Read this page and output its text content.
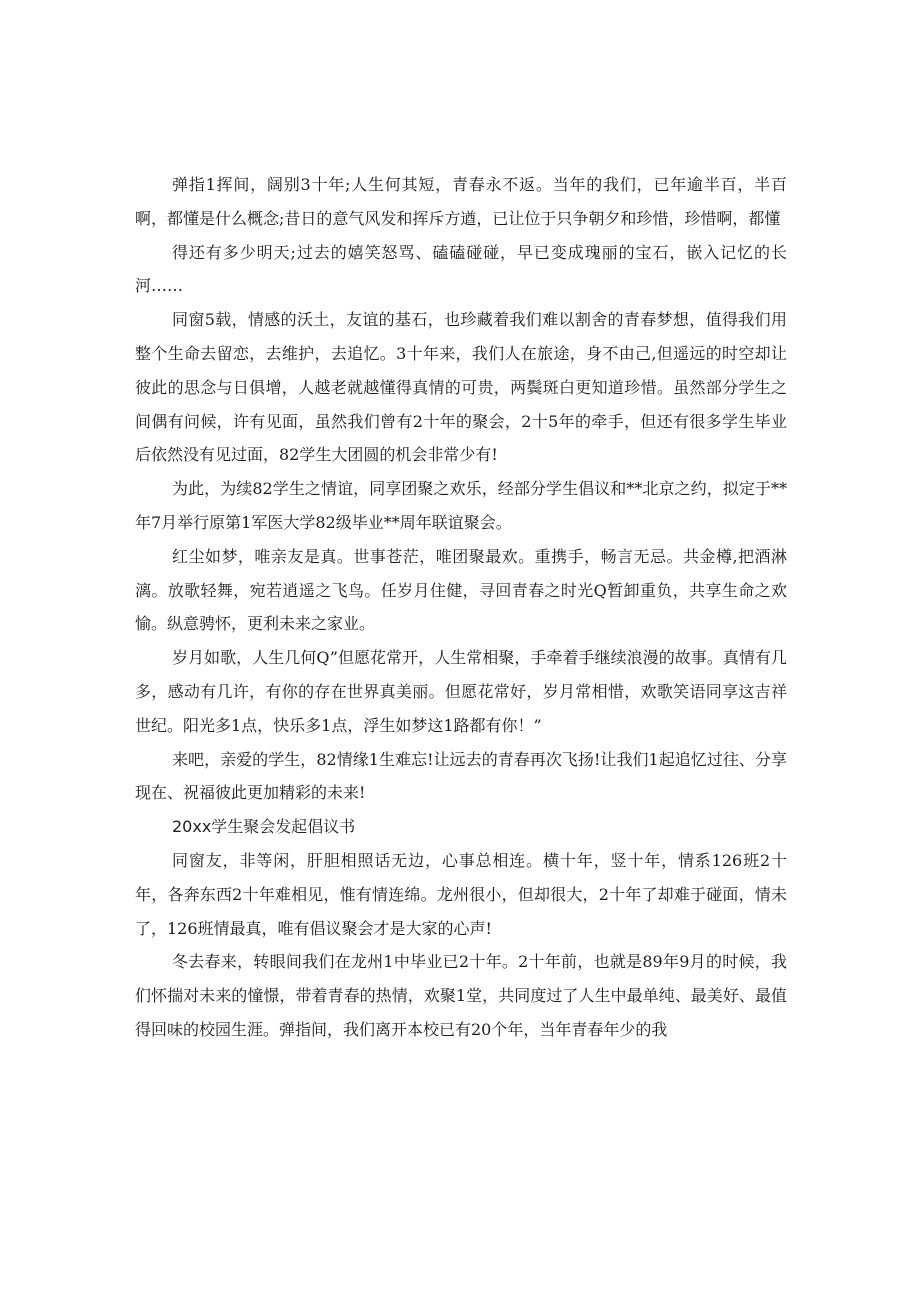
弹指1挥间，阔别3十年;人生何其短，青春永不返。当年的我们，已年逾半百，半百啊，都懂是什么概念;昔日的意气风发和挥斥方遒，已让位于只争朝夕和珍惜，珍惜啊，都懂

得还有多少明天;过去的嬉笑怒骂、磕磕碰碰，早已变成瑰丽的宝石，嵌入记忆的长河……

同窗5载，情感的沃土，友谊的基石，也珍藏着我们难以割舍的青春梦想，值得我们用整个生命去留恋，去维护，去追忆。3十年来，我们人在旅途，身不由己,但遥远的时空却让彼此的思念与日俱增，人越老就越懂得真情的可贵，两鬓斑白更知道珍惜。虽然部分学生之间偶有问候，许有见面，虽然我们曾有2十年的聚会，2十5年的牵手，但还有很多学生毕业后依然没有见过面，82学生大团圆的机会非常少有!

为此，为续82学生之情谊，同享团聚之欢乐，经部分学生倡议和**北京之约，拟定于**年7月举行原第1军医大学82级毕业**周年联谊聚会。

红尘如梦，唯亲友是真。世事苍茫，唯团聚最欢。重携手，畅言无忌。共金樽,把酒淋漓。放歌轻舞，宛若逍遥之飞鸟。任岁月住健，寻回青春之时光Q暂卸重负，共享生命之欢愉。纵意骋怀，更利未来之家业。

岁月如歌，人生几何Q”但愿花常开，人生常相聚，手牵着手继续浪漫的故事。真情有几多，感动有几许，有你的存在世界真美丽。但愿花常好，岁月常相惜，欢歌笑语同享这吉祥世纪。阳光多1点，快乐多1点，浮生如梦这1路都有你！”

来吧，亲爱的学生，82情缘1生难忘!让远去的青春再次飞扬!让我们1起追忆过往、分享现在、祝福彼此更加精彩的未来!

20xx学生聚会发起倡议书

同窗友，非等闲，肝胆相照话无边，心事总相连。横十年，竖十年，情系126班2十年，各奔东西2十年难相见，惟有情连绵。龙州很小，但却很大，2十年了却难于碰面，情未了，126班情最真，唯有倡议聚会才是大家的心声!

冬去春来，转眼间我们在龙州1中毕业已2十年。2十年前，也就是89年9月的时候，我们怀揣对未来的憧憬，带着青春的热情，欢聚1堂，共同度过了人生中最单纯、最美好、最值得回味的校园生涯。弹指间，我们离开本校已有20个年，当年青春年少的我
